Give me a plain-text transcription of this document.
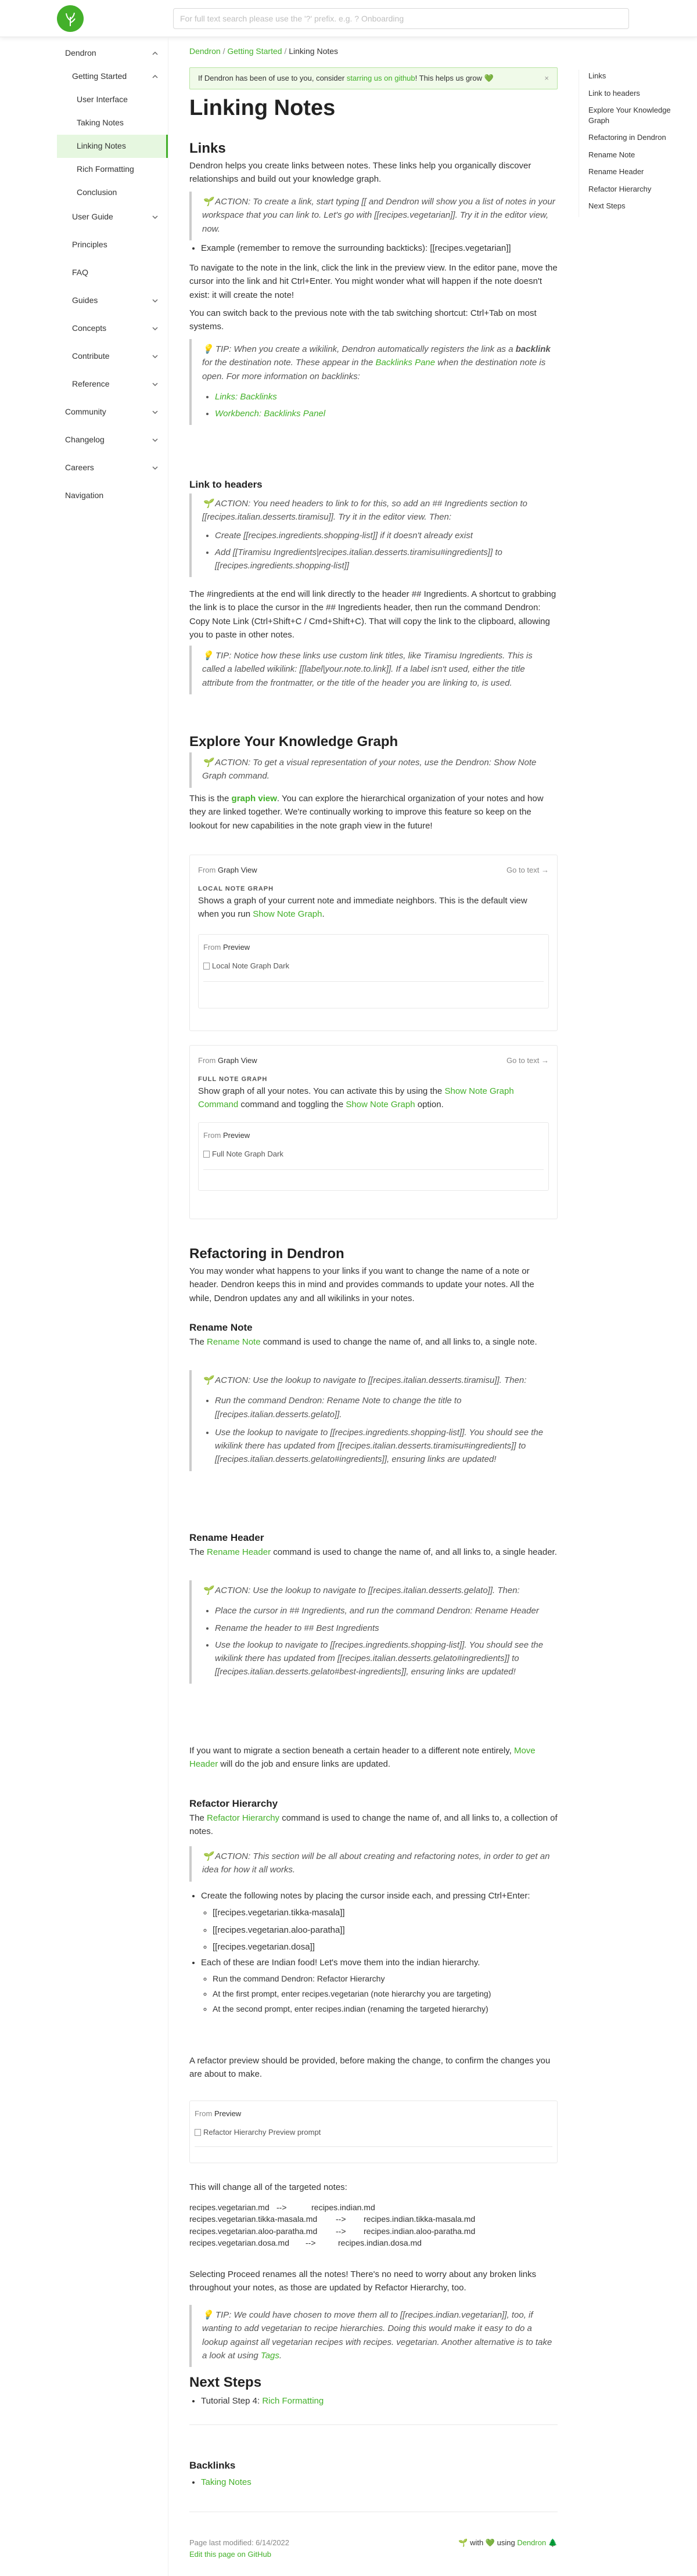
For full text search please use the '?' prefix. e.g. ? Onboarding
Dendron
Getting Started
User Interface
Taking Notes
Linking Notes
Rich Formatting
Conclusion
User Guide
Principles
FAQ
Guides
Concepts
Contribute
Reference
Community
Changelog
Careers
Navigation
Links
Link to headers
Explore Your Knowledge Graph
Refactoring in Dendron
Rename Note
Rename Header
Refactor Hierarchy
Next Steps
Dendron / Getting Started / Linking Notes
If Dendron has been of use to you, consider starring us on github! This helps us grow 💚	×
Linking Notes
Links

Dendron helps you create links between notes. These links help you organically discover relationships and build out your knowledge graph.

🌱 ACTION: To create a link, start typing [[ and Dendron will show you a list of notes in your workspace that you can link to. Let's go with [[recipes.vegetarian]]. Try it in the editor view, now.
• Example (remember to remove the surrounding backticks): [[recipes.vegetarian]]

To navigate to the note in the link, click the link in the preview view. In the editor pane, move the cursor into the link and hit Ctrl+Enter. You might wonder what will happen if the note doesn't exist: it will create the note!

You can switch back to the previous note with the tab switching shortcut: Ctrl+Tab on most systems.

💡 TIP: When you create a wikilink, Dendron automatically registers the link as a backlink for the destination note. These appear in the Backlinks Pane when the destination note is open. For more information on backlinks:
• Links: Backlinks
• Workbench: Backlinks Panel
Link to headers
🌱 ACTION: You need headers to link to for this, so add an ## Ingredients section to [[recipes.italian.desserts.tiramisu]]. Try it in the editor view. Then:
• Create [[recipes.ingredients.shopping-list]] if it doesn't already exist
• Add [[Tiramisu Ingredients|recipes.italian.desserts.tiramisu#ingredients]] to [[recipes.ingredients.shopping-list]]

The #ingredients at the end will link directly to the header ## Ingredients. A shortcut to grabbing the link is to place the cursor in the ## Ingredients header, then run the command Dendron: Copy Note Link (Ctrl+Shift+C / Cmd+Shift+C). That will copy the link to the clipboard, allowing you to paste in other notes.

💡 TIP: Notice how these links use custom link titles, like Tiramisu Ingredients. This is called a labelled wikilink: [[label|your.note.to.link]]. If a label isn't used, either the title attribute from the frontmatter, or the title of the header you are linking to, is used.
Explore Your Knowledge Graph
🌱 ACTION: To get a visual representation of your notes, use the Dendron: Show Note Graph command.

This is the graph view. You can explore the hierarchical organization of your notes and how they are linked together. We're continually working to improve this feature so keep on the lookout for new capabilities in the note graph view in the future!

From Graph View	Go to text →
LOCAL NOTE GRAPH
Shows a graph of your current note and immediate neighbors. This is the default view when you run Show Note Graph.
From Preview
Local Note Graph Dark
From Graph View	Go to text →
FULL NOTE GRAPH
Show graph of all your notes. You can activate this by using the Show Note Graph Command command and toggling the Show Note Graph option.
From Preview
Full Note Graph Dark
Refactoring in Dendron

You may wonder what happens to your links if you want to change the name of a note or header. Dendron keeps this in mind and provides commands to update your notes. All the while, Dendron updates any and all wikilinks in your notes.

Rename Note

The Rename Note command is used to change the name of, and all links to, a single note.

🌱 ACTION: Use the lookup to navigate to [[recipes.italian.desserts.tiramisu]]. Then:
• Run the command Dendron: Rename Note to change the title to [[recipes.italian.desserts.gelato]].
• Use the lookup to navigate to [[recipes.ingredients.shopping-list]]. You should see the wikilink there has updated from [[recipes.italian.desserts.tiramisu#ingredients]] to [[recipes.italian.desserts.gelato#ingredients]], ensuring links are updated!
Rename Header

The Rename Header command is used to change the name of, and all links to, a single header.

🌱 ACTION: Use the lookup to navigate to [[recipes.italian.desserts.gelato]]. Then:
• Place the cursor in ## Ingredients, and run the command Dendron: Rename Header
• Rename the header to ## Best Ingredients
• Use the lookup to navigate to [[recipes.ingredients.shopping-list]]. You should see the wikilink there has updated from [[recipes.italian.desserts.gelato#ingredients]] to [[recipes.italian.desserts.gelato#best-ingredients]], ensuring links are updated!

If you want to migrate a section beneath a certain header to a different note entirely, Move Header will do the job and ensure links are updated.

Refactor Hierarchy

The Refactor Hierarchy command is used to change the name of, and all links to, a collection of notes.

🌱 ACTION: This section will be all about creating and refactoring notes, in order to get an idea for how it all works.
• Create the following notes by placing the cursor inside each, and pressing Ctrl+Enter:
◦ [[recipes.vegetarian.tikka-masala]]
◦ [[recipes.vegetarian.aloo-paratha]]
◦ [[recipes.vegetarian.dosa]]
• Each of these are Indian food! Let's move them into the indian hierarchy.
◦ Run the command Dendron: Refactor Hierarchy
◦ At the first prompt, enter recipes.vegetarian (note hierarchy you are targeting)
◦ At the second prompt, enter recipes.indian (renaming the targeted hierarchy)

A refactor preview should be provided, before making the change, to confirm the changes you are about to make.

From Preview
Refactor Hierarchy Preview prompt

This will change all of the targeted notes:

recipes.vegetarian.md -->	recipes.indian.md
recipes.vegetarian.tikka-masala.md	-->	recipes.indian.tikka-masala.md
recipes.vegetarian.aloo-paratha.md	-->	recipes.indian.aloo-paratha.md
recipes.vegetarian.dosa.md	-->	recipes.indian.dosa.md

Selecting Proceed renames all the notes! There's no need to worry about any broken links throughout your notes, as those are updated by Refactor Hierarchy, too.

💡 TIP: We could have chosen to move them all to [[recipes.indian.vegetarian]], too, if wanting to add vegetarian to recipe hierarchies. Doing this would make it easy to do a lookup against all vegetarian recipes with recipes. vegetarian. Another alternative is to take a look at using Tags.
Next Steps
• Tutorial Step 4: Rich Formatting
Backlinks
• Taking Notes
Page last modified: 6/14/2022
Edit this page on GitHub
🌱 with 💚 using Dendron 🌲
